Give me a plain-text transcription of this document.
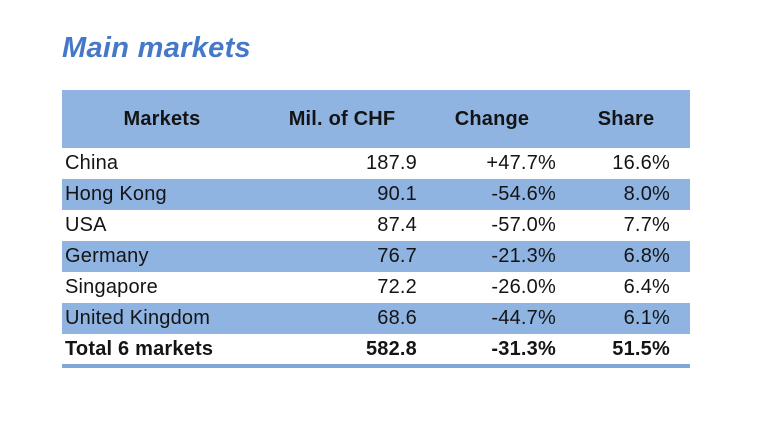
Main markets
Markets	Mil. of CHF	Change	Share
China	187.9	+47.7%	16.6%
Hong Kong	90.1	-54.6%	8.0%
USA	87.4	-57.0%	7.7%
Germany	76.7	-21.3%	6.8%
Singapore	72.2	-26.0%	6.4%
United Kingdom	68.6	-44.7%	6.1%
Total 6 markets	582.8	-31.3%	51.5%
